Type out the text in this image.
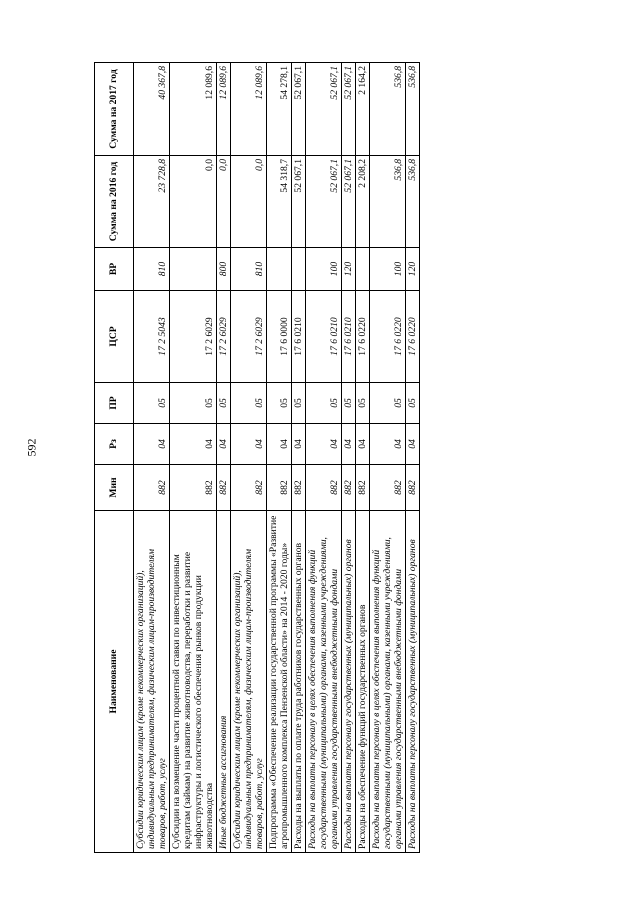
592
Наименование	Мин	Рз	ПР	ЦСР	ВР	Сумма на 2016 год	Сумма на 2017 год
Субсидии юридическим лицам (кроме некоммерческих организаций), индивидуальным предпринимателям, физическим лицам-производителям товаров, работ, услуг	882	04	05	17 2 5043	810	23 728,8	40 367,8
Субсидии на возмещение части процентной ставки по инвестиционным кредитам (займам) на развитие животноводства, переработки и развитие инфраструктуры и логистического обеспечения рынков продукции животноводства	882	04	05	17 2 6029		0,0	12 089,6
Иные бюджетные ассигнования	882	04	05	17 2 6029	800	0,0	12 089,6
Субсидии юридическим лицам (кроме некоммерческих организаций), индивидуальным предпринимателям, физическим лицам-производителям товаров, работ, услуг	882	04	05	17 2 6029	810	0,0	12 089,6
Подпрограмма «Обеспечение реализации государственной программы «Развитие агропромышленного комплекса Пензенской области» на 2014 - 2020 годы»	882	04	05	17 6 0000		54 318,7	54 278,1
Расходы на выплаты по оплате труда работников государственных органов	882	04	05	17 6 0210		52 067,1	52 067,1
Расходы на выплаты персоналу в целях обеспечения выполнения функций государственными (муниципальными) органами, казенными учреждениями, органами управления государственными внебюджетными фондами	882	04	05	17 6 0210	100	52 067,1	52 067,1
Расходы на выплаты персоналу государственных (муниципальных) органов	882	04	05	17 6 0210	120	52 067,1	52 067,1
Расходы на обеспечение функций государственных органов	882	04	05	17 6 0220		2 208,2	2 164,2
Расходы на выплаты персоналу в целях обеспечения выполнения функций государственными (муниципальными) органами, казенными учреждениями, органами управления государственными внебюджетными фондами	882	04	05	17 6 0220	100	536,8	536,8
Расходы на выплаты персоналу государственных (муниципальных) органов	882	04	05	17 6 0220	120	536,8	536,8
